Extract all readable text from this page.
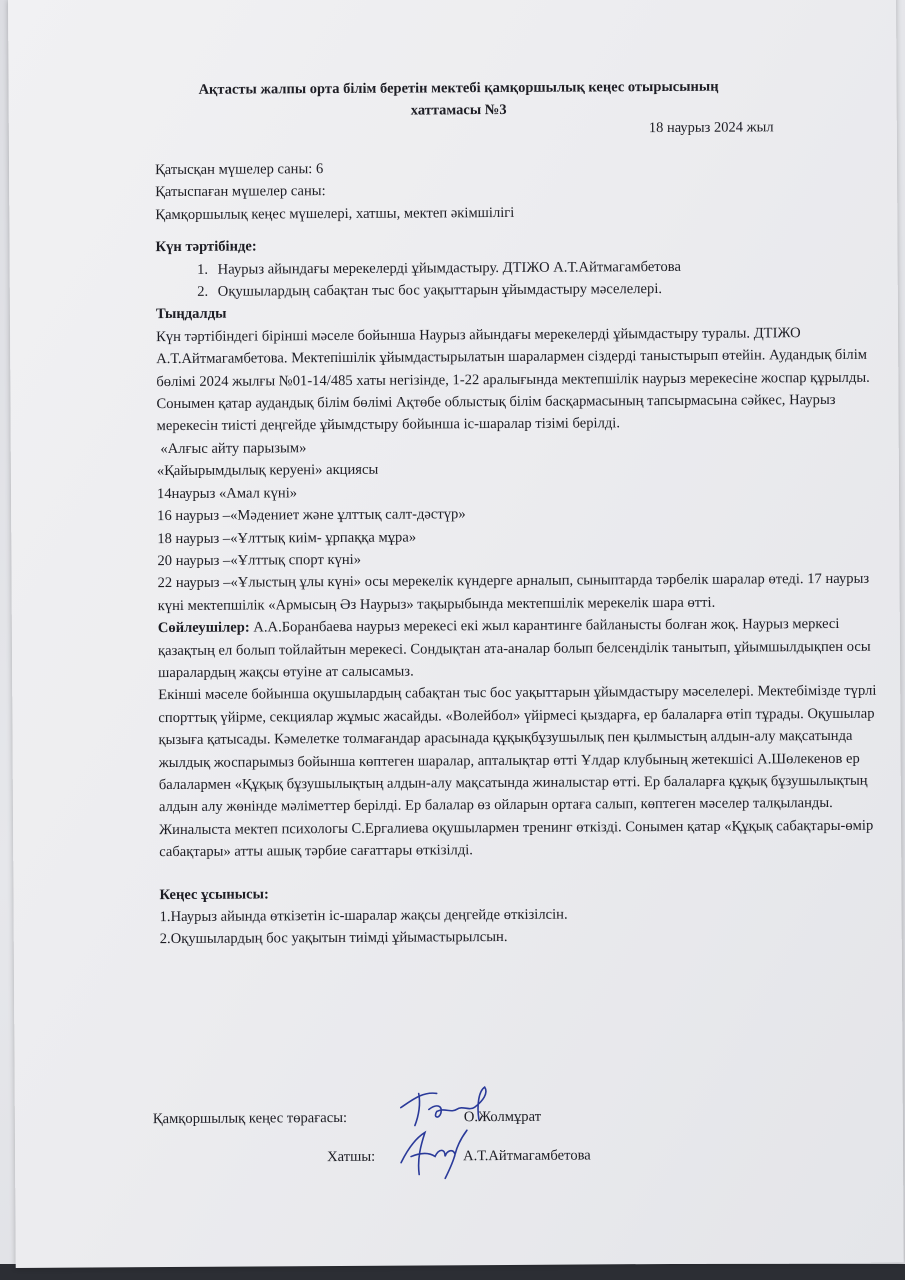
Ақтасты жалпы орта білім беретін мектебі қамқоршылық кеңес отырысының
хаттамасы №3
18 наурыз 2024 жыл

Қатысқан мүшелер саны: 6

Қатыспаған мүшелер саны:

Қамқоршылық кеңес мүшелері, хатшы, мектеп әкімшілігі

Күн тәртібінде:

1. Наурыз айындағы мерекелерді ұйымдастыру. ДТІЖО А.Т.Айтмагамбетова
2. Оқушылардың сабақтан тыс бос уақыттарын ұйымдастыру мәселелері.

Тыңдалды

Күн тәртібіндегі бірінші мәселе бойынша Наурыз айындағы мерекелерді ұйымдастыру туралы. ДТІЖО А.Т.Айтмагамбетова. Мектепішілік ұйымдастырылатын шаралармен сіздерді таныстырып өтейін. Аудандық білім бөлімі 2024 жылғы №01-14/485 хаты негізінде, 1-22 аралығында мектепшілік наурыз мерекесіне жоспар құрылды. Сонымен қатар аудандық білім бөлімі Ақтөбе облыстық білім басқармасының тапсырмасына сәйкес, Наурыз мерекесін тиісті деңгейде ұйымдстыру бойынша іс-шаралар тізімі берілді.

«Алғыс айту парызым»

«Қайырымдылық керуені» акциясы

14наурыз «Амал күні»

16 наурыз –«Мәдениет және ұлттық салт-дәстүр»

18 наурыз –«Ұлттық киім- ұрпаққа мұра»

20 наурыз –«Ұлттық спорт күні»

22 наурыз –«Ұлыстың ұлы күні» осы мерекелік күндерге арналып, сыныптарда тәрбелік шаралар өтеді. 17 наурыз күні мектепшілік «Армысың Әз Наурыз» тақырыбында мектепшілік мерекелік шара өтті.

Сөйлеушілер: А.А.Боранбаева наурыз мерекесі екі жыл карантинге байланысты болған жоқ. Наурыз меркесі қазақтың ел болып тойлайтын мерекесі. Сондықтан ата-аналар болып белсенділік танытып, ұйымшылдықпен осы шаралардың жақсы өтуіне ат салысамыз.

Екінші мәселе бойынша оқушылардың сабақтан тыс бос уақыттарын ұйымдастыру мәселелері. Мектебімізде түрлі спорттық үйірме, секциялар жұмыс жасайды. «Волейбол» үйірмесі қыздарға, ер балаларға өтіп тұрады. Оқушылар қызыға қатысады. Кәмелетке толмағандар арасынада құқықбұзушылық пен қылмыстың алдын-алу мақсатында жылдық жоспарымыз бойынша көптеген шаралар, апталықтар өтті Ұлдар клубының жетекшісі А.Шөлекенов ер балалармен «Құқық бұзушылықтың алдын-алу мақсатында жиналыстар өтті. Ер балаларға құқық бұзушылықтың алдын алу жөнінде мәліметтер берілді. Ер балалар өз ойларын ортаға салып, көптеген мәселер талқыланды. Жиналыста мектеп психологы С.Ергалиева оқушылармен тренинг өткізді. Сонымен қатар «Құқық сабақтары-өмір сабақтары» атты ашық тәрбие сағаттары өткізілді.

Кеңес ұсынысы:

1.Наурыз айында өткізетін іс-шаралар жақсы деңгейде өткізілсін.

2.Оқушылардың бос уақытын тиімді ұйымастырылсын.

Қамқоршылық кеңес төрағасы:	О.Жолмұрат
Хатшы:	А.Т.Айтмагамбетова
